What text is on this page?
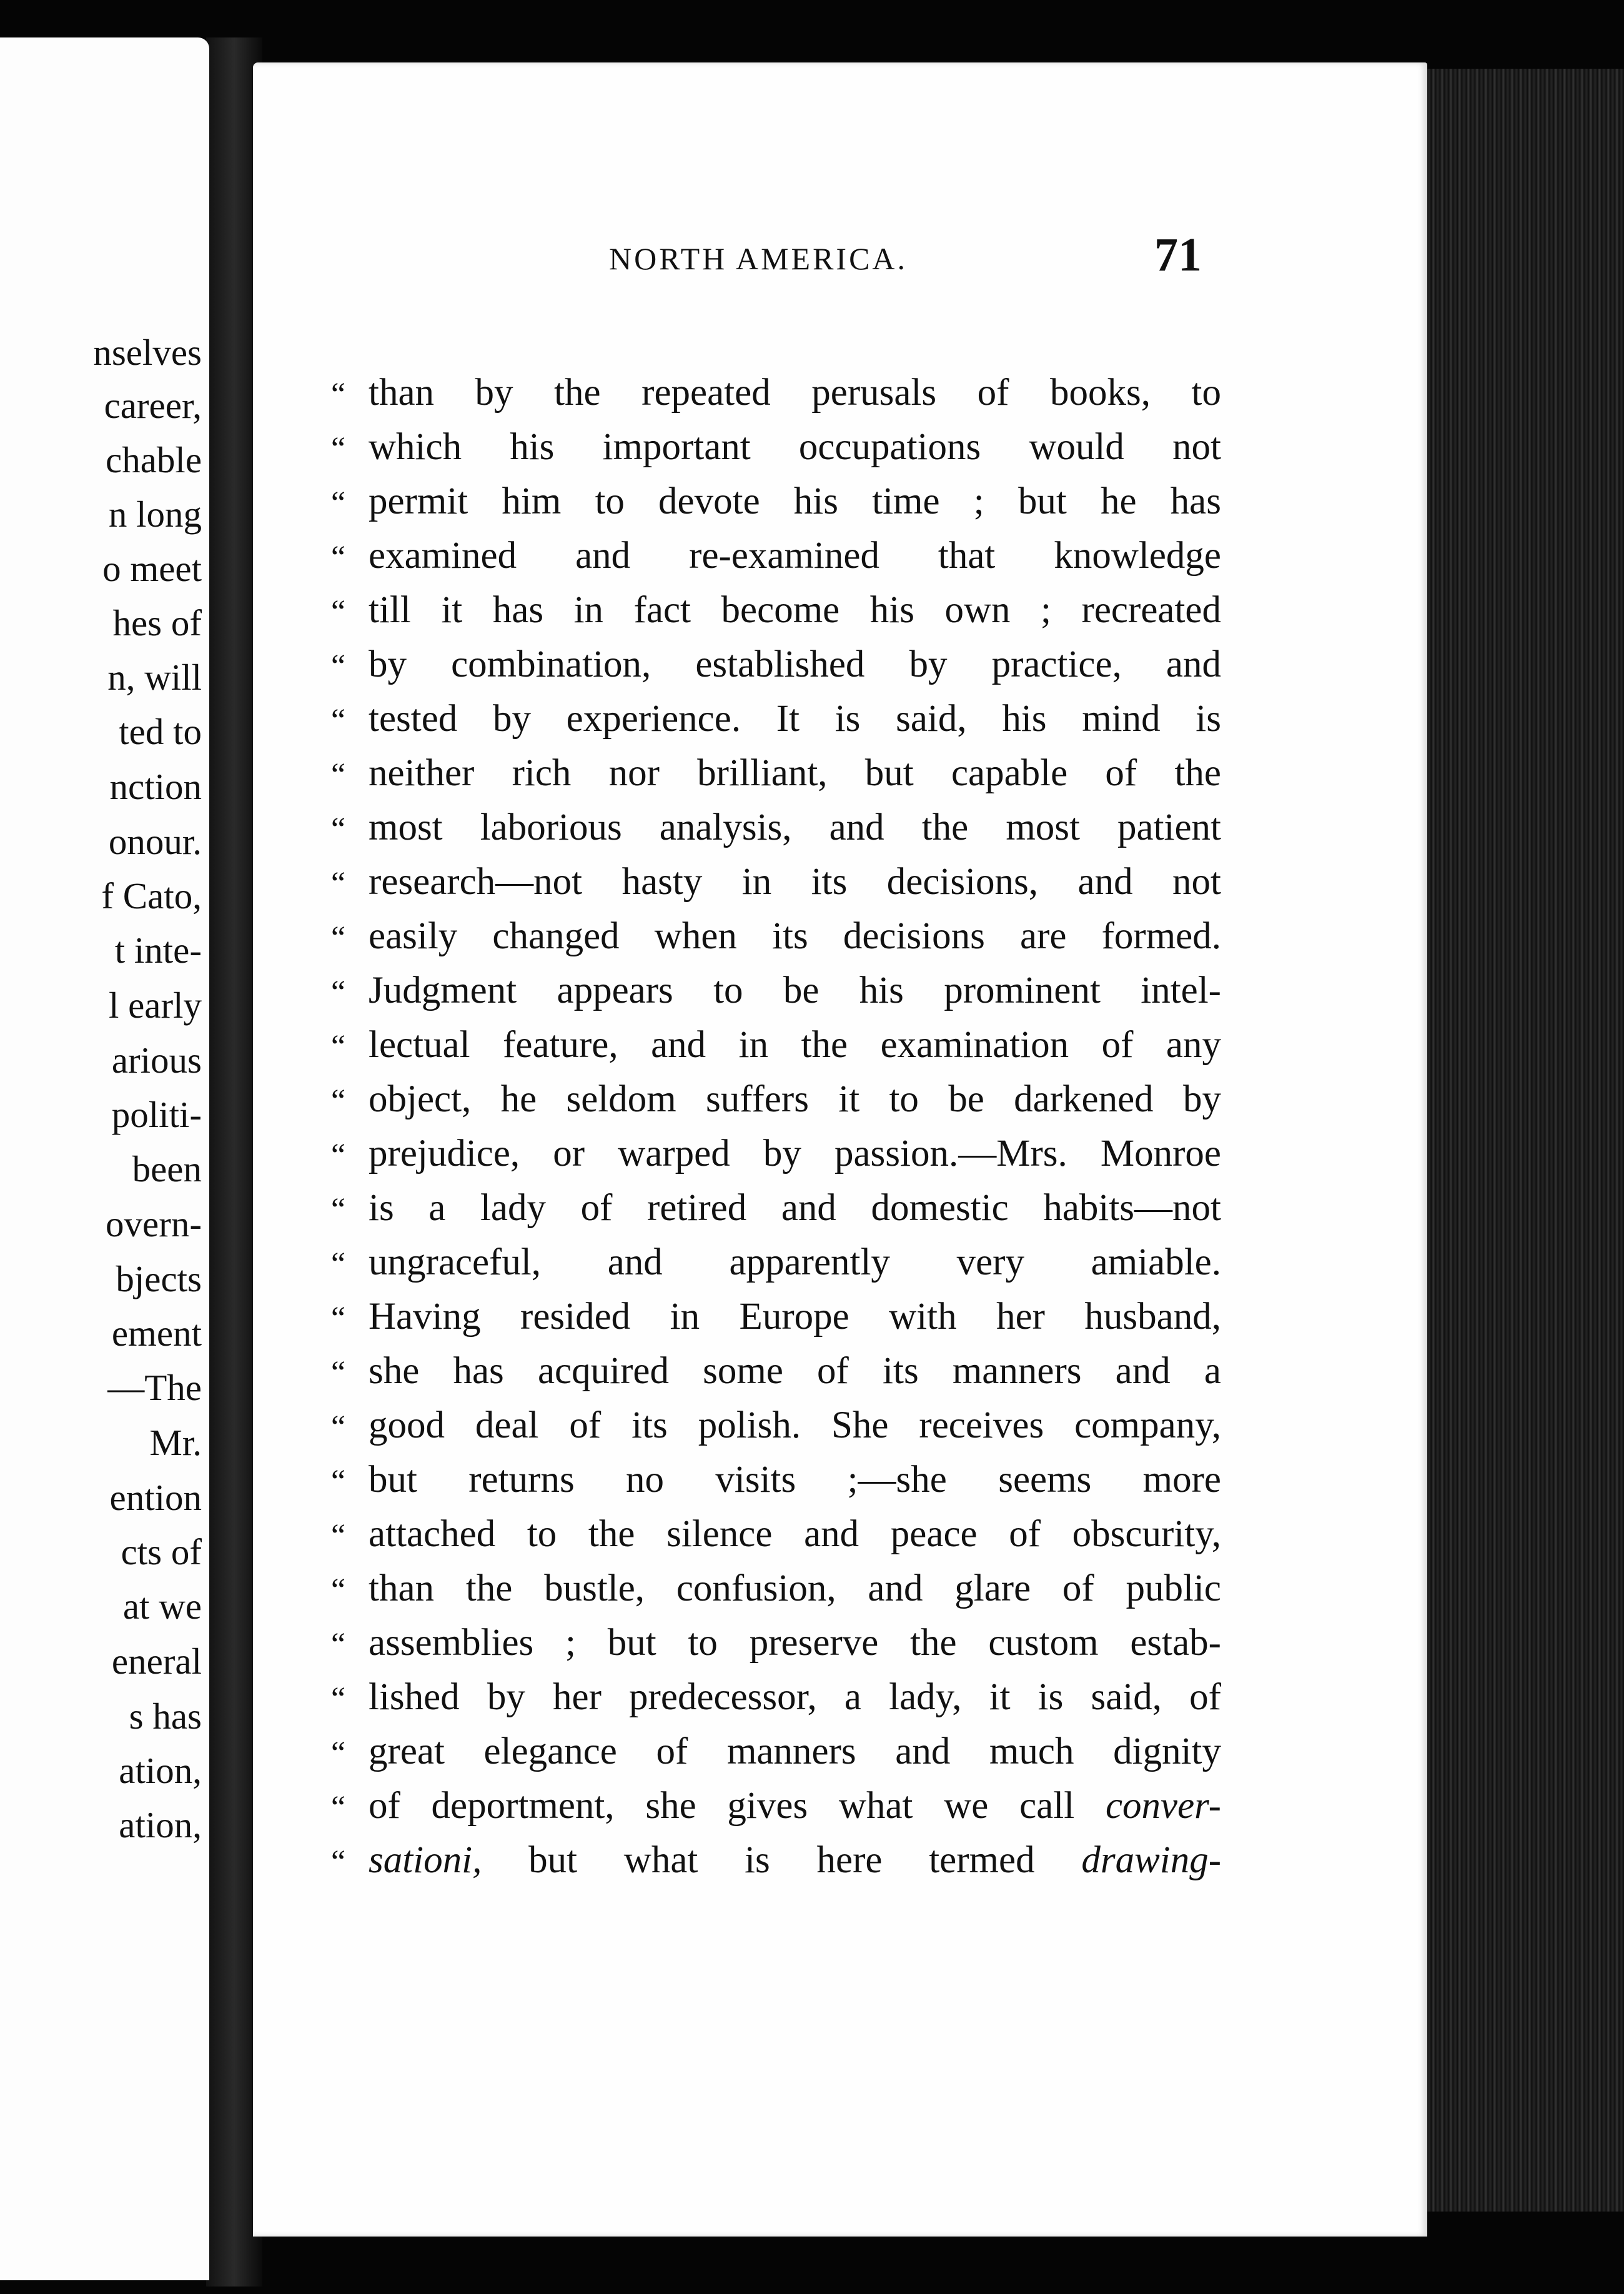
nselves
career,
chable
n long
o meet
hes of
n, will
ted to
nction
onour.
f Cato,
t inte-
l early
arious
politi-
been
overn-
bjects
ement
—The
Mr.
ention
cts of
at we
eneral
s has
ation,
ation,
NORTH AMERICA.	71
“ than by the repeated perusals of books, to
“ which his important occupations would not
“ permit him to devote his time ; but he has
“ examined and re-examined that knowledge
“ till it has in fact become his own ; recreated
“ by combination, established by practice, and
“ tested by experience. It is said, his mind is
“ neither rich nor brilliant, but capable of the
“ most laborious analysis, and the most patient
“ research—not hasty in its decisions, and not
“ easily changed when its decisions are formed.
“ Judgment appears to be his prominent intel-
“ lectual feature, and in the examination of any
“ object, he seldom suffers it to be darkened by
“ prejudice, or warped by passion.—Mrs. Monroe
“ is a lady of retired and domestic habits—not
“ ungraceful, and apparently very amiable.
“ Having resided in Europe with her husband,
“ she has acquired some of its manners and a
“ good deal of its polish. She receives company,
“ but returns no visits ;—she seems more
“ attached to the silence and peace of obscurity,
“ than the bustle, confusion, and glare of public
“ assemblies ; but to preserve the custom estab-
“ lished by her predecessor, a lady, it is said, of
“ great elegance of manners and much dignity
“ of deportment, she gives what we call conver-
“ sationi, but what is here termed drawing-
